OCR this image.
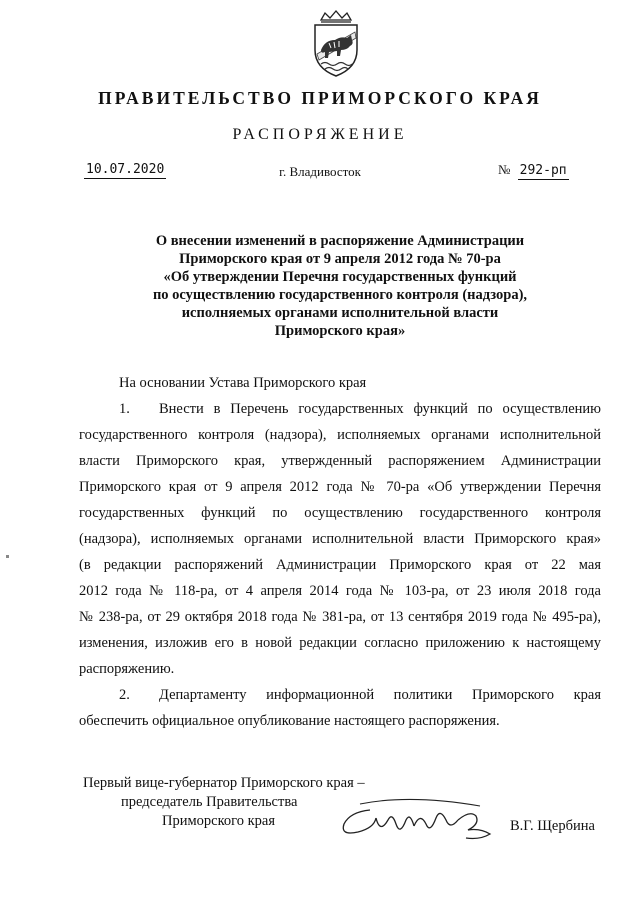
ПРАВИТЕЛЬСТВО ПРИМОРСКОГО КРАЯ
РАСПОРЯЖЕНИЕ
10.07.2020	г. Владивосток	№ 292-рп
О внесении изменений в распоряжение Администрации
Приморского края от 9 апреля 2012 года № 70-ра
«Об утверждении Перечня государственных функций
по осуществлению государственного контроля (надзора),
исполняемых органами исполнительной власти
Приморского края»
На основании Устава Приморского края
1. Внести в Перечень государственных функций по осуществлению
государственного контроля (надзора), исполняемых органами исполнительной
власти Приморского края, утвержденный распоряжением Администрации
Приморского края от 9 апреля 2012 года № 70-ра «Об утверждении Перечня
государственных функций по осуществлению государственного контроля
(надзора), исполняемых органами исполнительной власти Приморского края»
(в редакции распоряжений Администрации Приморского края от 22 мая
2012 года № 118-ра, от 4 апреля 2014 года № 103-ра, от 23 июля 2018 года
№ 238-ра, от 29 октября 2018 года № 381-ра, от 13 сентября 2019 года № 495-ра),
изменения, изложив его в новой редакции согласно приложению к настоящему
распоряжению.
2. Департаменту информационной политики Приморского края
обеспечить официальное опубликование настоящего распоряжения.
Первый вице-губернатор Приморского края –
председатель Правительства
Приморского края	В.Г. Щербина
